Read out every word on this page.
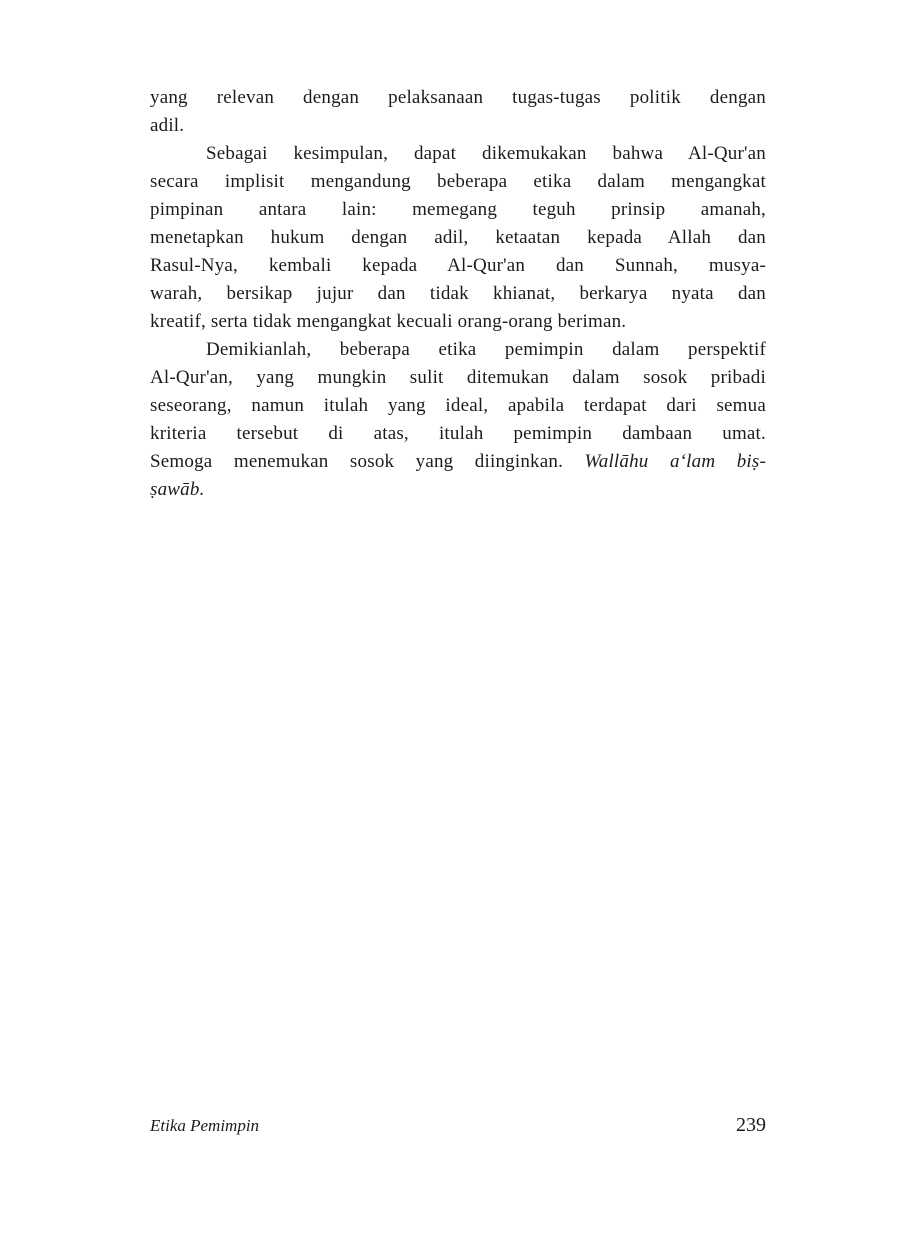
yang relevan dengan pelaksanaan tugas-tugas politik dengan
adil.
Sebagai kesimpulan, dapat dikemukakan bahwa Al-Qur'an
secara implisit mengandung beberapa etika dalam mengangkat
pimpinan antara lain: memegang teguh prinsip amanah,
menetapkan hukum dengan adil, ketaatan kepada Allah dan
Rasul-Nya, kembali kepada Al-Qur'an dan Sunnah, musya-
warah, bersikap jujur dan tidak khianat, berkarya nyata dan
kreatif, serta tidak mengangkat kecuali orang-orang beriman.
Demikianlah, beberapa etika pemimpin dalam perspektif
Al-Qur'an, yang mungkin sulit ditemukan dalam sosok pribadi
seseorang, namun itulah yang ideal, apabila terdapat dari semua
kriteria tersebut di atas, itulah pemimpin dambaan umat.
Semoga menemukan sosok yang diinginkan. Wallāhu aʻlam biṣ-
ṣawāb.
Etika Pemimpin	239
